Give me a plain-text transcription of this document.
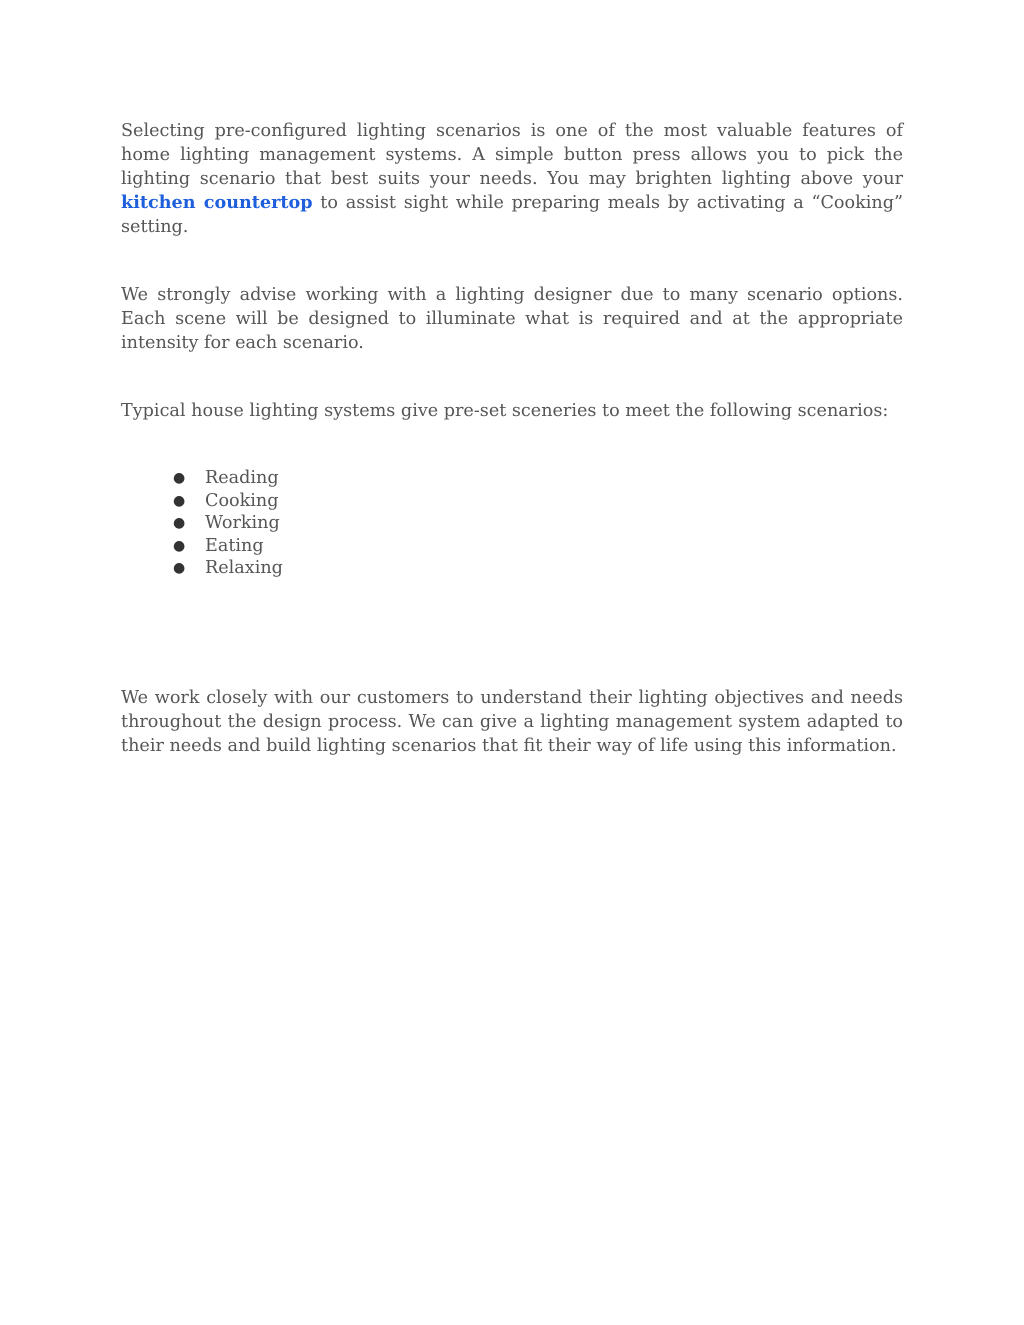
Selecting pre-configured lighting scenarios is one of the most valuable features of home lighting management systems. A simple button press allows you to pick the lighting scenario that best suits your needs. You may brighten lighting above your kitchen countertop to assist sight while preparing meals by activating a “Cooking” setting.

We strongly advise working with a lighting designer due to many scenario options. Each scene will be designed to illuminate what is required and at the appropriate intensity for each scenario.

Typical house lighting systems give pre-set sceneries to meet the following scenarios:

● Reading
● Cooking
● Working
● Eating
● Relaxing

We work closely with our customers to understand their lighting objectives and needs throughout the design process. We can give a lighting management system adapted to their needs and build lighting scenarios that fit their way of life using this information.
